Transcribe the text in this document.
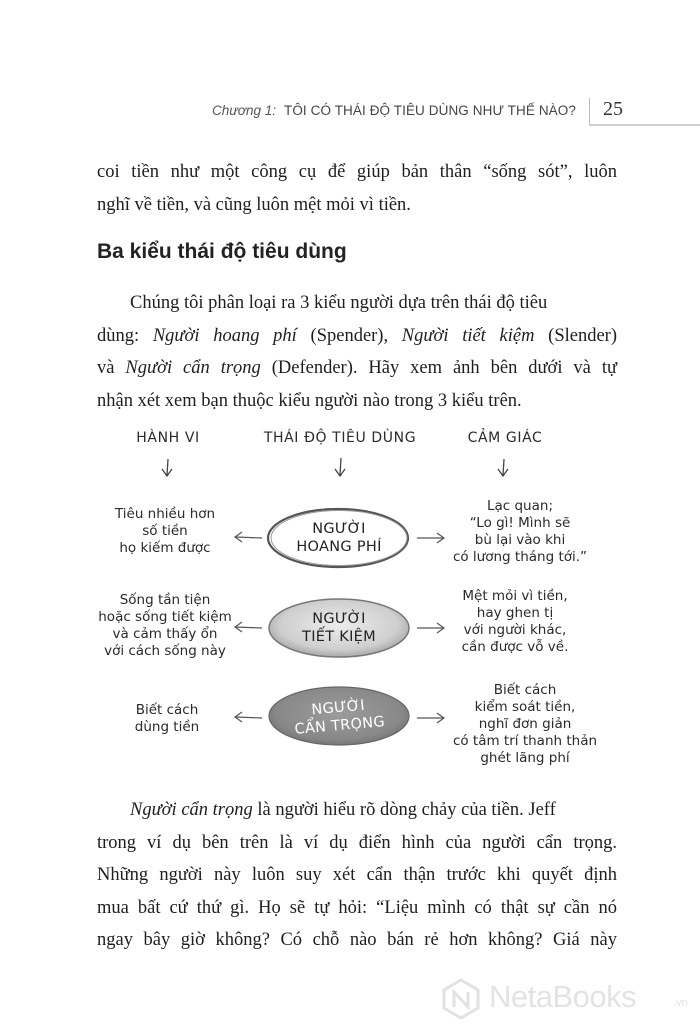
Chương 1: TÔI CÓ THÁI ĐỘ TIÊU DÙNG NHƯ THẾ NÀO? 25

coi tiền như một công cụ để giúp bản thân “sống sót”, luôn
nghĩ về tiền, và cũng luôn mệt mỏi vì tiền.

Ba kiểu thái độ tiêu dùng

Chúng tôi phân loại ra 3 kiểu người dựa trên thái độ tiêu
dùng: Người hoang phí (Spender), Người tiết kiệm (Slender)
và Người cẩn trọng (Defender). Hãy xem ảnh bên dưới và tự
nhận xét xem bạn thuộc kiểu người nào trong 3 kiểu trên.

HÀNH VI	THÁI ĐỘ TIÊU DÙNG	CẢM GIÁC
NGƯỜI
HOANG PHÍ
NGƯỜI
TIẾT KIỆM
NGƯỜI
CẨN TRỌNG
Tiêu nhiều hơn
số tiền
họ kiếm được
Sống tần tiện
hoặc sống tiết kiệm
và cảm thấy ổn
với cách sống này
Biết cách
dùng tiền
Lạc quan;
“Lo gì! Mình sẽ
bù lại vào khi
có lương tháng tới.”
Mệt mỏi vì tiền,
hay ghen tị
với người khác,
cần được vỗ về.
Biết cách
kiểm soát tiền,
nghĩ đơn giản
có tâm trí thanh thản
ghét lãng phí

Người cẩn trọng là người hiểu rõ dòng chảy của tiền. Jeff
trong ví dụ bên trên là ví dụ điển hình của người cẩn trọng.
Những người này luôn suy xét cẩn thận trước khi quyết định
mua bất cứ thứ gì. Họ sẽ tự hỏi: “Liệu mình có thật sự cần nó
ngay bây giờ không? Có chỗ nào bán rẻ hơn không? Giá này

NetaBooks	.vn
